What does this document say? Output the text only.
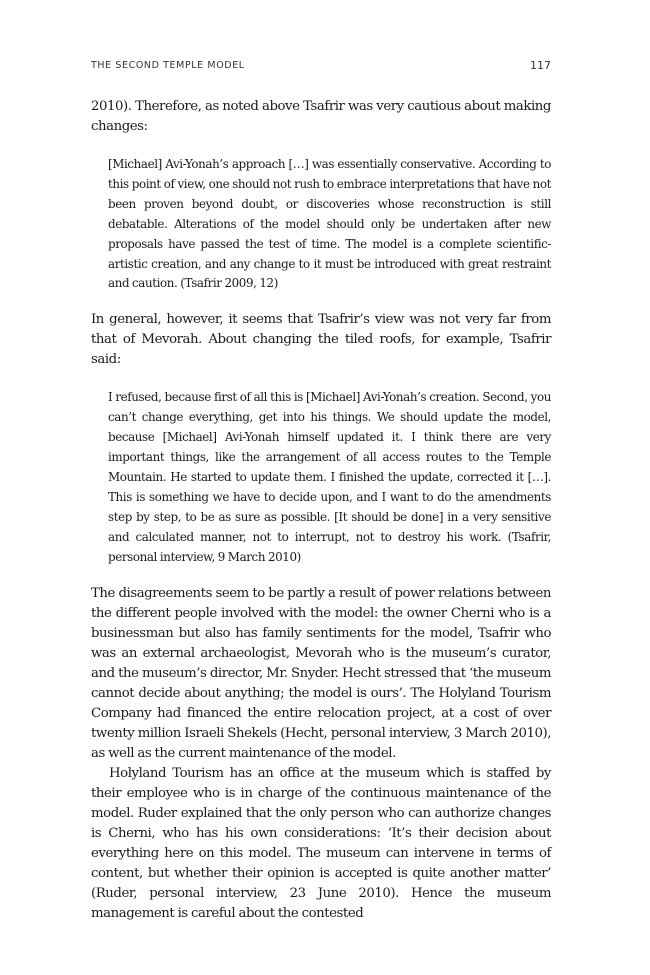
THE SECOND TEMPLE MODEL	117

2010). Therefore, as noted above Tsafrir was very cautious about making changes:

[Michael] Avi-Yonah’s approach […] was essentially conservative. According to this point of view, one should not rush to embrace interpretations that have not been proven beyond doubt, or discoveries whose reconstruction is still debatable. Alterations of the model should only be undertaken after new proposals have passed the test of time. The model is a complete scientific-artistic creation, and any change to it must be introduced with great restraint and caution. (Tsafrir 2009, 12)

In general, however, it seems that Tsafrir’s view was not very far from that of Mevorah. About changing the tiled roofs, for example, Tsafrir said:

I refused, because first of all this is [Michael] Avi-Yonah’s creation. Second, you can’t change everything, get into his things. We should update the model, because [Michael] Avi-Yonah himself updated it. I think there are very important things, like the arrangement of all access routes to the Temple Mountain. He started to update them. I finished the update, corrected it […]. This is something we have to decide upon, and I want to do the amendments step by step, to be as sure as possible. [It should be done] in a very sensitive and calculated manner, not to interrupt, not to destroy his work. (Tsafrir, personal interview, 9 March 2010)

The disagreements seem to be partly a result of power relations between the different people involved with the model: the owner Cherni who is a businessman but also has family sentiments for the model, Tsafrir who was an external archaeologist, Mevorah who is the museum’s curator, and the museum’s director, Mr. Snyder. Hecht stressed that ‘the museum cannot decide about anything; the model is ours’. The Holyland Tourism Company had financed the entire relocation project, at a cost of over twenty million Israeli Shekels (Hecht, personal interview, 3 March 2010), as well as the current maintenance of the model.

Holyland Tourism has an office at the museum which is staffed by their employee who is in charge of the continuous maintenance of the model. Ruder explained that the only person who can authorize changes is Cherni, who has his own considerations: ‘It’s their decision about everything here on this model. The museum can intervene in terms of content, but whether their opinion is accepted is quite another matter’ (Ruder, personal interview, 23 June 2010). Hence the museum management is careful about the contested
